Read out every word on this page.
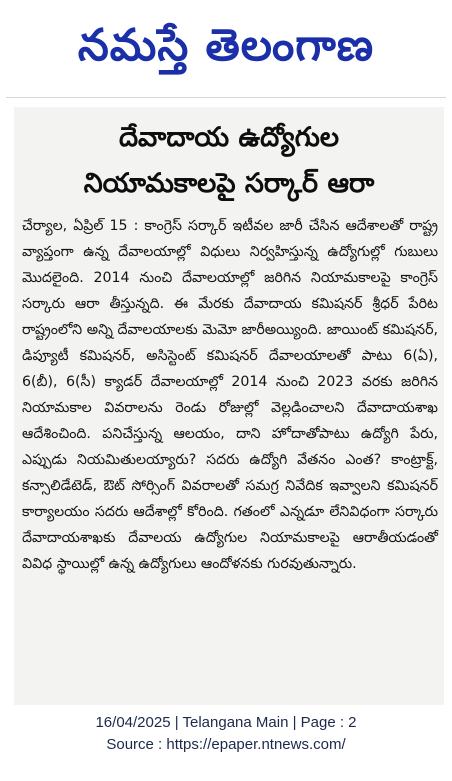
నమస్తే తెలంగాణ
దేవాదాయ ఉద్యోగుల
నియామకాలపై సర్కార్ ఆరా

చేర్యాల, ఏప్రిల్ 15 : కాంగ్రెస్ సర్కార్ ఇటీవల జారీ చేసిన ఆదేశాలతో రాష్ట్ర వ్యాప్తంగా ఉన్న దేవాలయాల్లో విధులు నిర్వహిస్తున్న ఉద్యోగుల్లో గుబులు మొదలైంది. 2014 నుంచి దేవాలయాల్లో జరిగిన నియామకాలపై కాంగ్రెస్ సర్కారు ఆరా తీస్తున్నది. ఈ మేరకు దేవాదాయ కమిషనర్ శ్రీధర్ పేరిట రాష్ట్రంలోని అన్ని దేవాలయాలకు మెమో జారీఅయ్యింది. జాయింట్ కమిషనర్, డిప్యూటీ కమిషనర్, అసిస్టెంట్ కమిషనర్ దేవాలయాలతో పాటు 6(ఏ), 6(బీ), 6(సీ) క్యాడర్ దేవాలయాల్లో 2014 నుంచి 2023 వరకు జరిగిన నియామకాల వివరాలను రెండు రోజుల్లో వెల్లడించాలని దేవాదాయశాఖ ఆదేశించింది. పనిచేస్తున్న ఆలయం, దాని హోదాతోపాటు ఉద్యోగి పేరు, ఎప్పుడు నియమితులయ్యారు? సదరు ఉద్యోగి వేతనం ఎంత? కాంట్రాక్ట్, కన్సాలిడేటెడ్, ఔట్ సోర్సింగ్ వివరాలతో సమగ్ర నివేదిక ఇవ్వాలని కమిషనర్ కార్యాలయం సదరు ఆదేశాల్లో కోరింది. గతంలో ఎన్నడూ లేనివిధంగా సర్కారు దేవాదాయశాఖకు దేవాలయ ఉద్యోగుల నియామకాలపై ఆరాతీయడంతో వివిధ స్థాయిల్లో ఉన్న ఉద్యోగులు ఆందోళనకు గురవుతున్నారు.

16/04/2025 | Telangana Main | Page : 2
Source : https://epaper.ntnews.com/
